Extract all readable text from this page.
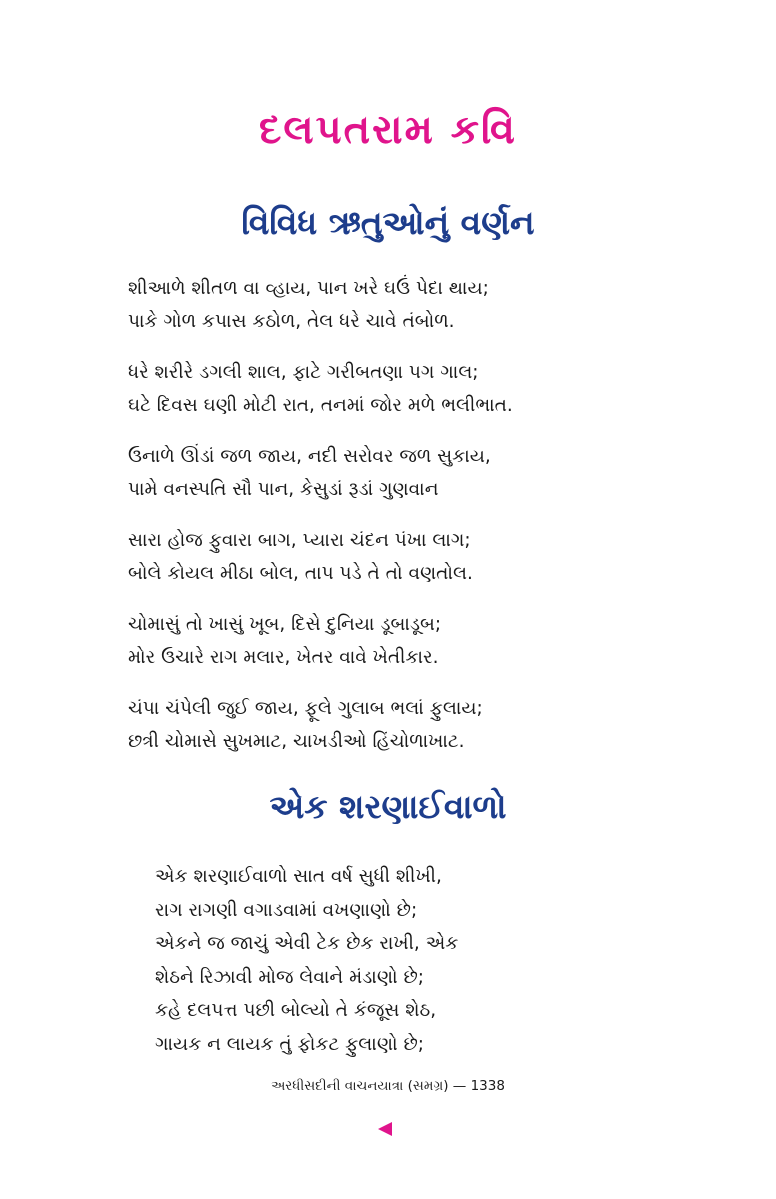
દલપતરામ કવિ
વિવિધ ઋતુઓનું વર્ણન
શીઆળે શીતળ વા વ્હાય, પાન ખરે ઘઉં પેદા થાય;
પાકે ગોળ કપાસ કઠોળ, તેલ ધરે ચાવે તંબોળ.
ધરે શરીરે ડગલી શાલ, ફાટે ગરીબતણા પગ ગાલ;
ઘટે દિવસ ઘણી મોટી રાત, તનમાં જોર મળે ભલીભાત.
ઉનાળે ઊંડાં જળ જાય, નદી સરોવર જળ સુકાય,
પામે વનસ્પતિ સૌ પાન, કેસુડાં રૂડાં ગુણવાન
સારા હોજ ફુવારા બાગ, પ્યારા ચંદન પંખા લાગ;
બોલે કોયલ મીઠા બોલ, તાપ પડે તે તો વણતોલ.
ચોમાસું તો ખાસું ખૂબ, દિસે દુનિયા ડૂબાડૂબ;
મોર ઉચારે રાગ મલાર, ખેતર વાવે ખેતીકાર.
ચંપા ચંપેલી જુઈ જાય, ફૂલે ગુલાબ ભલાં ફુલાય;
છત્રી ચોમાસે સુખમાટ, ચાખડીઓ હિંચોળાખાટ.
એક શરણાઈવાળો
એક શરણાઈવાળો સાત વર્ષ સુધી શીખી,
રાગ રાગણી વગાડવામાં વખણાણો છે;
એકને જ જાચું એવી ટેક છેક રાખી, એક
શેઠને રિઝાવી મોજ લેવાને મંડાણો છે;
કહે દલપત્ત પછી બોલ્યો તે કંજૂસ શેઠ,
ગાયક ન લાયક તું ફોકટ ફુલાણો છે;
અરધીસદીની વાચનયાત્રા (સમગ્ર) — 1338
